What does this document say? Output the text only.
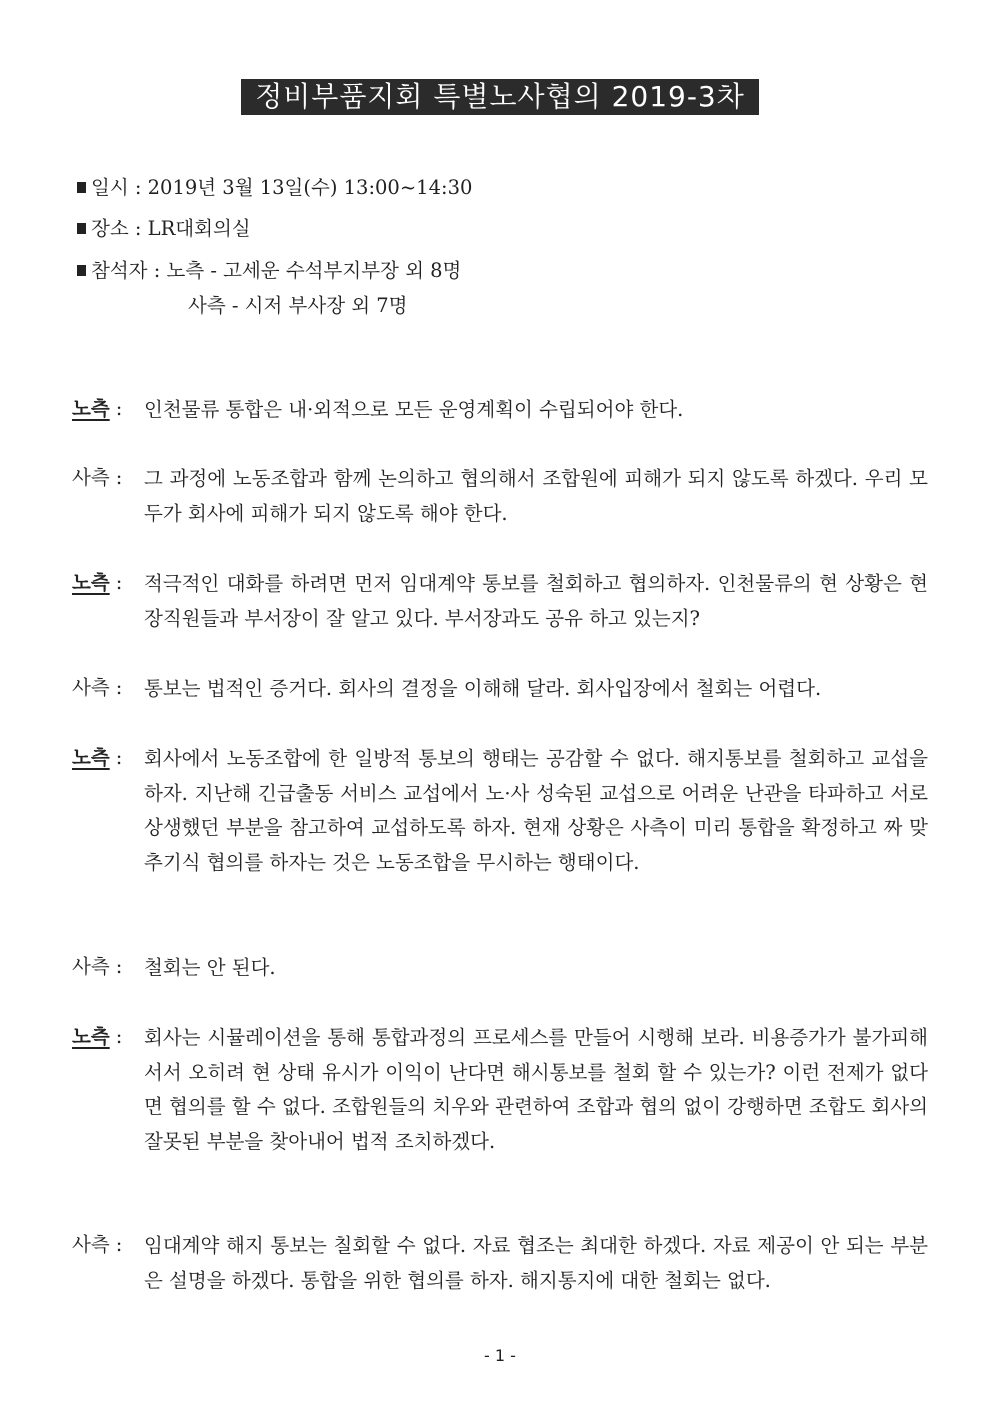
정비부품지회 특별노사협의 2019-3차
일시 : 2019년 3월 13일(수) 13:00~14:30
장소 : LR대회의실
참석자 : 노측 - 고세운 수석부지부장 외 8명
사측 - 시저 부사장 외 7명
노측 : 인천물류 통합은 내·외적으로 모든 운영계획이 수립되어야 한다.
사측 : 그 과정에 노동조합과 함께 논의하고 협의해서 조합원에 피해가 되지 않도록 하겠다. 우리 모두가 회사에 피해가 되지 않도록 해야 한다.
노측 : 적극적인 대화를 하려면 먼저 임대계약 통보를 철회하고 협의하자. 인천물류의 현 상황은 현장직원들과 부서장이 잘 알고 있다. 부서장과도 공유 하고 있는지?
사측 : 통보는 법적인 증거다. 회사의 결정을 이해해 달라. 회사입장에서 철회는 어렵다.
노측 : 회사에서 노동조합에 한 일방적 통보의 행태는 공감할 수 없다. 해지통보를 철회하고 교섭을 하자. 지난해 긴급출동 서비스 교섭에서 노·사 성숙된 교섭으로 어려운 난관을 타파하고 서로 상생했던 부분을 참고하여 교섭하도록 하자. 현재 상황은 사측이 미리 통합을 확정하고 짜 맞추기식 협의를 하자는 것은 노동조합을 무시하는 행태이다.
사측 : 철회는 안 된다.
노측 : 회사는 시뮬레이션을 통해 통합과정의 프로세스를 만들어 시행해 보라. 비용증가가 불가피해서서 오히려 현 상태 유시가 이익이 난다면 해시통보를 철회 할 수 있는가? 이런 전제가 없다면 협의를 할 수 없다. 조합원들의 치우와 관련하여 조합과 협의 없이 강행하면 조합도 회사의 잘못된 부분을 찾아내어 법적 조치하겠다.
사측 : 임대계약 해지 통보는 칠회할 수 없다. 자료 협조는 최대한 하겠다. 자료 제공이 안 되는 부분은 설명을 하겠다. 통합을 위한 협의를 하자. 해지통지에 대한 철회는 없다.
- 1 -
